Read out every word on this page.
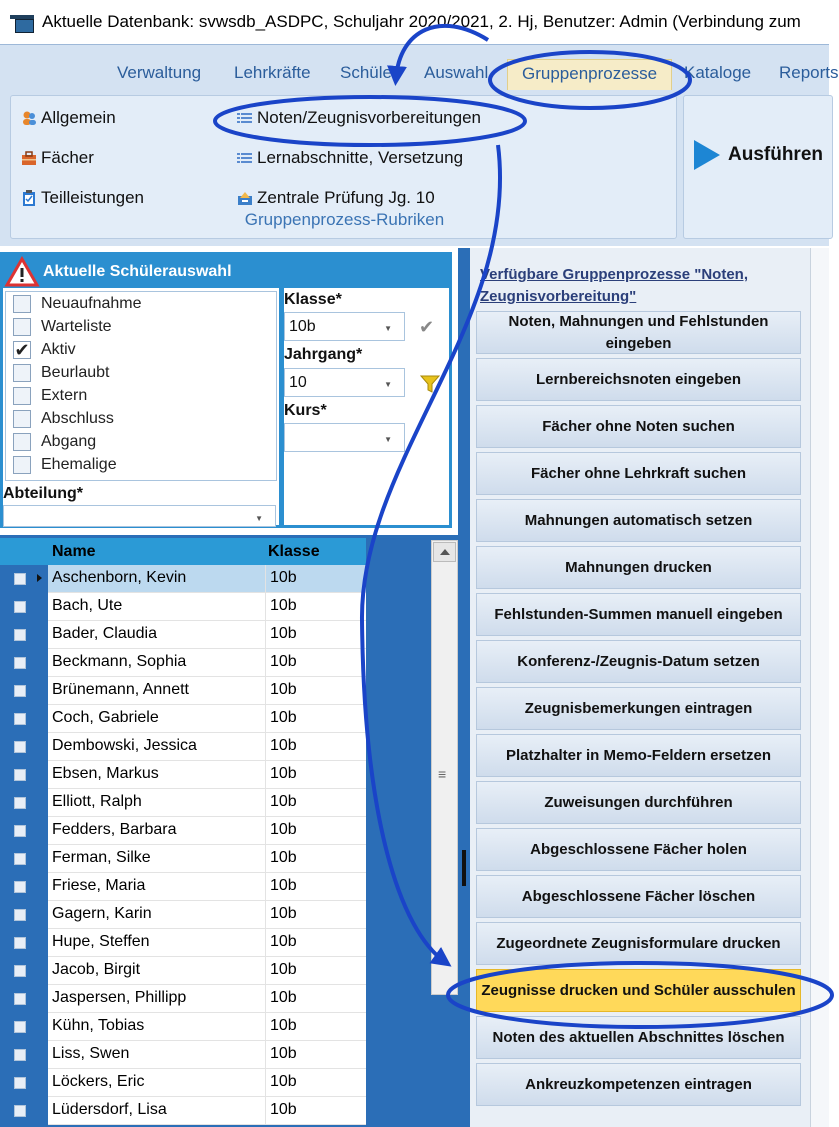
Aktuelle Datenbank: svwsdb_ASDPC, Schuljahr 2020/2021, 2. Hj, Benutzer: Admin (Verbindung zum
Verwaltung Lehrkräfte Schüler	Auswahl	Gruppenprozesse	Kataloge Reports
Allgemein
Fächer
Teilleistungen
Noten/Zeugnisvorbereitungen
Lernabschnitte, Versetzung
Zentrale Prüfung Jg. 10
Gruppenprozess-Rubriken
Ausführen
Aktuelle Schülerauswahl
Neuaufnahme
Warteliste
✔ Aktiv
Beurlaubt
Extern
Abschluss
Abgang
Ehemalige
Klasse*
10b	▼ ✔
Jahrgang*
10	▼
Kurs*
▼
Abteilung*
▼
Name	Klasse
Aschenborn, Kevin	10b
Bach, Ute	10b
Bader, Claudia	10b
Beckmann, Sophia	10b
Brünemann, Annett	10b
Coch, Gabriele	10b
Dembowski, Jessica	10b
Ebsen, Markus	10b
Elliott, Ralph	10b
Fedders, Barbara	10b
Ferman, Silke	10b
Friese, Maria	10b
Gagern, Karin	10b
Hupe, Steffen	10b
Jacob, Birgit	10b
Jaspersen, Phillipp	10b
Kühn, Tobias	10b
Liss, Swen	10b
Löckers, Eric	10b
Lüdersdorf, Lisa	10b
≡
Verfügbare Gruppenprozesse "Noten, Zeugnisvorbereitung"
Noten, Mahnungen und Fehlstunden eingeben
Lernbereichsnoten eingeben
Fächer ohne Noten suchen
Fächer ohne Lehrkraft suchen
Mahnungen automatisch setzen
Mahnungen drucken
Fehlstunden-Summen manuell eingeben
Konferenz-/Zeugnis-Datum setzen
Zeugnisbemerkungen eintragen
Platzhalter in Memo-Feldern ersetzen
Zuweisungen durchführen
Abgeschlossene Fächer holen
Abgeschlossene Fächer löschen
Zugeordnete Zeugnisformulare drucken
Zeugnisse drucken und Schüler ausschulen
Noten des aktuellen Abschnittes löschen
Ankreuzkompetenzen eintragen
